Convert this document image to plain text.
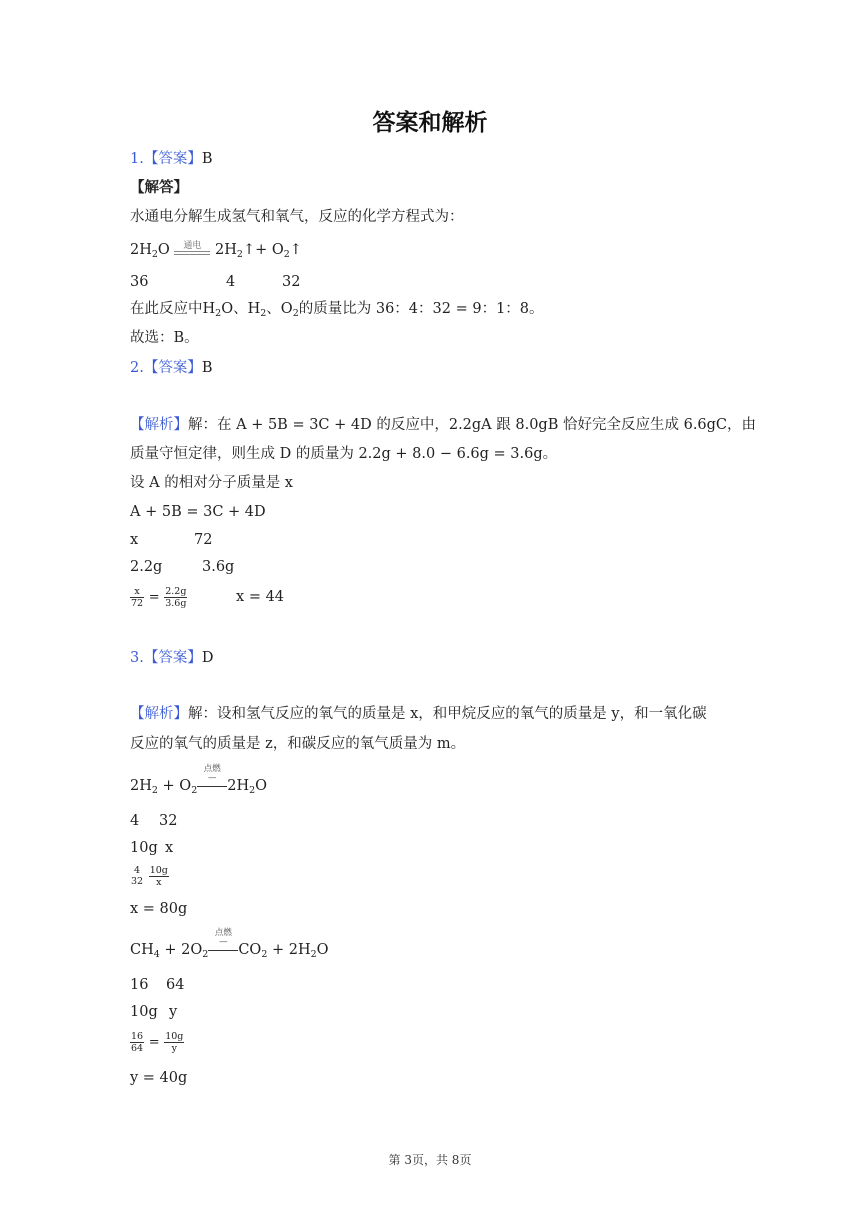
答案和解析
1.【答案】B
【解答】
水通电分解生成氢气和氧气，反应的化学方程式为：
$2H_2O$	通电 $2H_2↑+$ $O_2↑$
36	4	32
在此反应中$H_2O$、$H_2$、$O_2$的质量比为 36：4：32 = 9：1：8。
故选：B。
2.【答案】B
【解析】解：在 A + 5B = 3C + 4D 的反应中，2.2gA 跟 8.0gB 恰好完全反应生成 6.6gC，由
质量守恒定律，则生成 D 的质量为 2.2g + 8.0 − 6.6g = 3.6g。
设 A 的相对分子质量是 x
A + 5B = 3C + 4D
x	72
2.2g	3.6g
$\frac{x}{72} = \frac{2.2g}{3.6g}$	x = 44
3.【答案】D
【解析】解：设和氢气反应的氧气的质量是 x，和甲烷反应的氧气的质量是 y，和一氧化碳
反应的氧气的质量是 z，和碳反应的氧气质量为 m。
$2H_2 + O_2$
点燃
— $2H_2O$
4 32
10g x
4
32
$\frac{10g}{x}$
x = 80g
$CH_4 + 2O_2$
点燃
— $CO_2 + 2H_2O$
16 64
10g y
$\frac{16}{64} = \frac{10g}{y}$
y = 40g
第 3页，共 8页
